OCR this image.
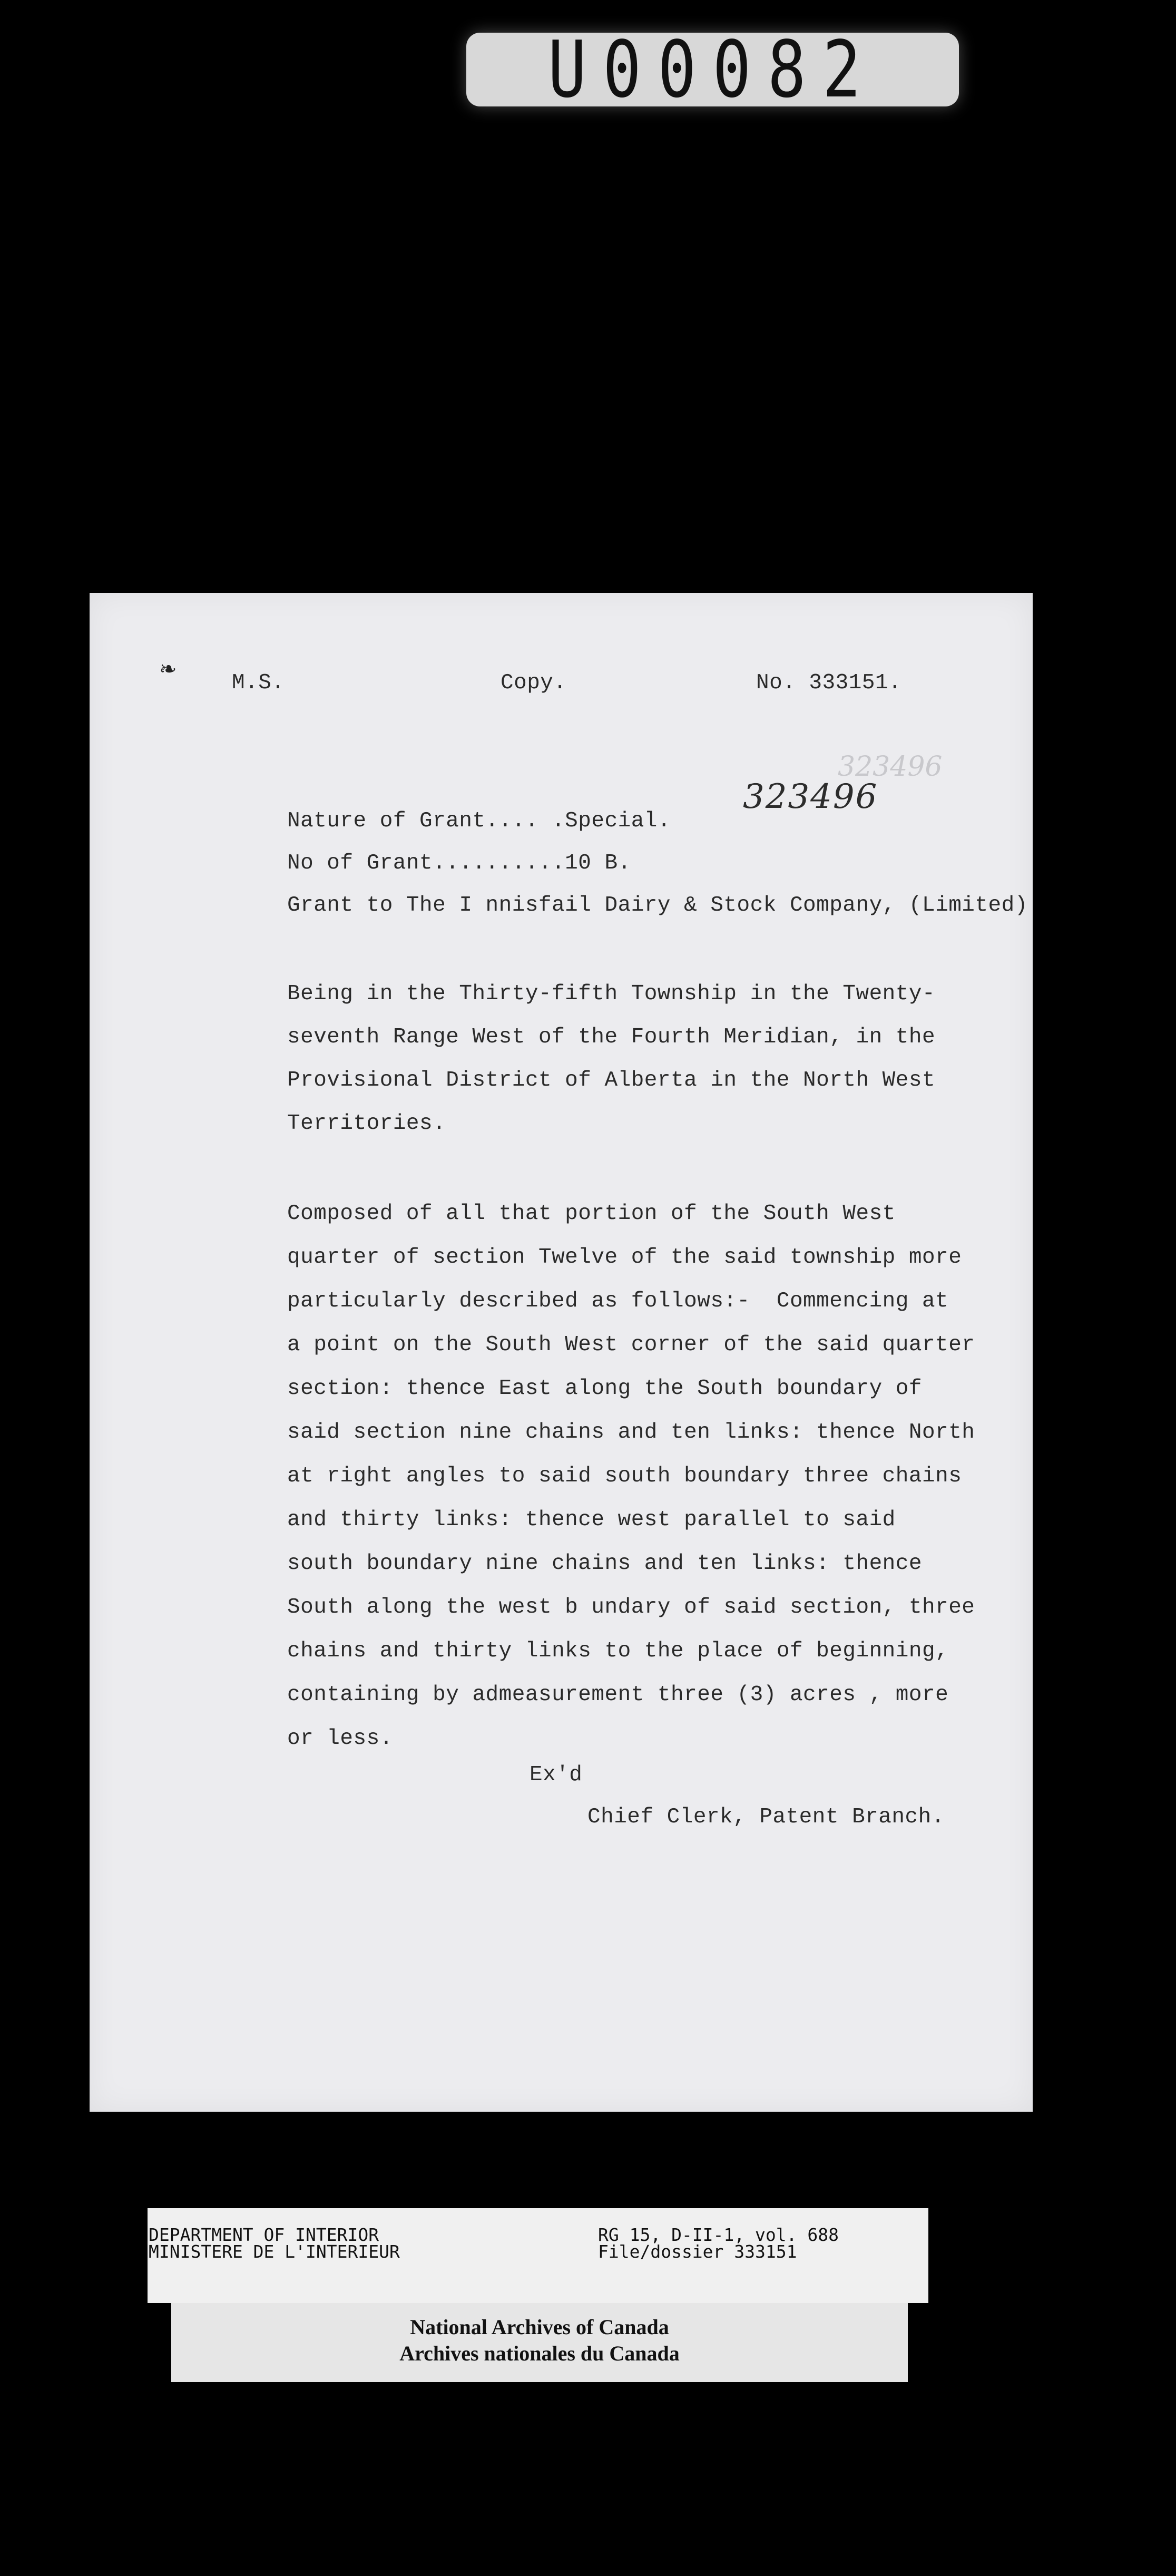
U00082
❧
M.S.	Copy.	No. 333151.
323496
323496
Nature of Grant.... .Special.
No of Grant..........10 B.
Grant to The I nnisfail Dairy & Stock Company, (Limited)
Being in the Thirty-fifth Township in the Twenty-
seventh Range West of the Fourth Meridian, in the
Provisional District of Alberta in the North West
Territories.
Composed of all that portion of the South West
quarter of section Twelve of the said township more
particularly described as follows:-  Commencing at
a point on the South West corner of the said quarter
section: thence East along the South boundary of
said section nine chains and ten links: thence North
at right angles to said south boundary three chains
and thirty links: thence west parallel to said
south boundary nine chains and ten links: thence
South along the west b undary of said section, three
chains and thirty links to the place of beginning,
containing by admeasurement three (3) acres , more
or less.
Ex'd
Chief Clerk, Patent Branch.
DEPARTMENT OF INTERIOR
MINISTERE DE L'INTERIEUR
RG 15, D-II-1, vol. 688
File/dossier 333151
National Archives of Canada
Archives nationales du Canada
